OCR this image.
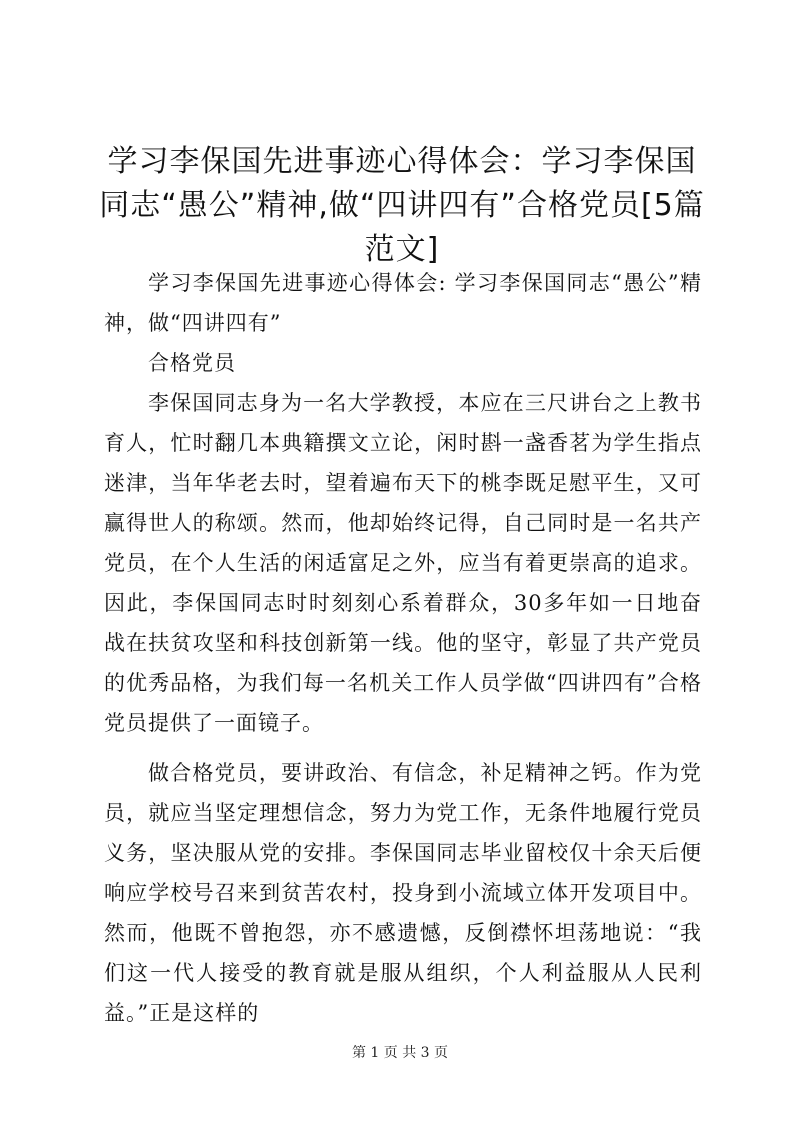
学习李保国先进事迹心得体会：学习李保国同志“愚公”精神,做“四讲四有”合格党员[5篇范文]

学习李保国先进事迹心得体会: 学习李保国同志“愚公”精神，做“四讲四有”

合格党员

李保国同志身为一名大学教授，本应在三尺讲台之上教书育人，忙时翻几本典籍撰文立论，闲时斟一盏香茗为学生指点迷津，当年华老去时，望着遍布天下的桃李既足慰平生，又可赢得世人的称颂。然而，他却始终记得，自己同时是一名共产党员，在个人生活的闲适富足之外，应当有着更崇高的追求。因此，李保国同志时时刻刻心系着群众，30多年如一日地奋战在扶贫攻坚和科技创新第一线。他的坚守，彰显了共产党员的优秀品格，为我们每一名机关工作人员学做“四讲四有”合格党员提供了一面镜子。

做合格党员，要讲政治、有信念，补足精神之钙。作为党员，就应当坚定理想信念，努力为党工作，无条件地履行党员义务，坚决服从党的安排。李保国同志毕业留校仅十余天后便响应学校号召来到贫苦农村，投身到小流域立体开发项目中。然而，他既不曾抱怨，亦不感遗憾，反倒襟怀坦荡地说：“我们这一代人接受的教育就是服从组织，个人利益服从人民利益。”正是这样的

第 1 页 共 3 页
